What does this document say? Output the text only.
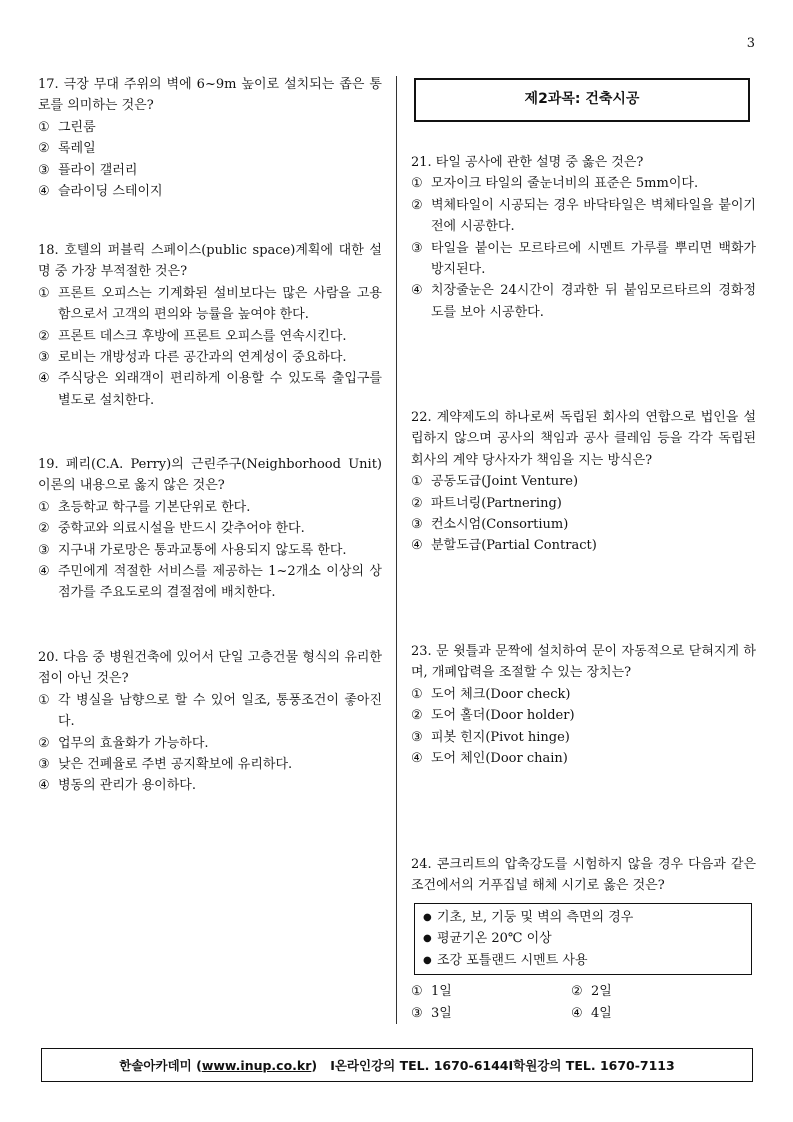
3
17. 극장 무대 주위의 벽에 6~9m 높이로 설치되는 좁은 통로를 의미하는 것은?
① 그린룸
② 록레일
③ 플라이 갤러리
④ 슬라이딩 스테이지
18. 호텔의 퍼블릭 스페이스(public space)계획에 대한 설명 중 가장 부적절한 것은?
① 프론트 오피스는 기계화된 설비보다는 많은 사람을 고용함으로서 고객의 편의와 능률을 높여야 한다.
② 프론트 데스크 후방에 프론트 오피스를 연속시킨다.
③ 로비는 개방성과 다른 공간과의 연계성이 중요하다.
④ 주식당은 외래객이 편리하게 이용할 수 있도록 출입구를 별도로 설치한다.
19. 페리(C.A. Perry)의 근린주구(Neighborhood Unit) 이론의 내용으로 옳지 않은 것은?
① 초등학교 학구를 기본단위로 한다.
② 중학교와 의료시설을 반드시 갖추어야 한다.
③ 지구내 가로망은 통과교통에 사용되지 않도록 한다.
④ 주민에게 적절한 서비스를 제공하는 1~2개소 이상의 상점가를 주요도로의 결절점에 배치한다.
20. 다음 중 병원건축에 있어서 단일 고층건물 형식의 유리한 점이 아닌 것은?
① 각 병실을 남향으로 할 수 있어 일조, 통풍조건이 좋아진다.
② 업무의 효율화가 가능하다.
③ 낮은 건폐율로 주변 공지확보에 유리하다.
④ 병동의 관리가 용이하다.
제2과목: 건축시공
21. 타일 공사에 관한 설명 중 옳은 것은?
① 모자이크 타일의 줄눈너비의 표준은 5mm이다.
② 벽체타일이 시공되는 경우 바닥타일은 벽체타일을 붙이기 전에 시공한다.
③ 타일을 붙이는 모르타르에 시멘트 가루를 뿌리면 백화가 방지된다.
④ 치장줄눈은 24시간이 경과한 뒤 붙임모르타르의 경화정도를 보아 시공한다.
22. 계약제도의 하나로써 독립된 회사의 연합으로 법인을 설립하지 않으며 공사의 책임과 공사 클레임 등을 각각 독립된 회사의 계약 당사자가 책임을 지는 방식은?
① 공동도급(Joint Venture)
② 파트너링(Partnering)
③ 컨소시엄(Consortium)
④ 분할도급(Partial Contract)
23. 문 윗틀과 문짝에 설치하여 문이 자동적으로 닫혀지게 하며, 개폐압력을 조절할 수 있는 장치는?
① 도어 체크(Door check)
② 도어 홀더(Door holder)
③ 피봇 힌지(Pivot hinge)
④ 도어 체인(Door chain)
24. 콘크리트의 압축강도를 시험하지 않을 경우 다음과 같은 조건에서의 거푸집널 해체 시기로 옳은 것은?
● 기초, 보, 기둥 및 벽의 측면의 경우
● 평균기온 20℃ 이상
● 조강 포틀랜드 시멘트 사용
① 1일	② 2일
③ 3일	④ 4일
한솔아카데미 ( www.inup.co.kr ) I 온라인강의 TEL. 1670-6144 I 학원강의 TEL. 1670-7113
